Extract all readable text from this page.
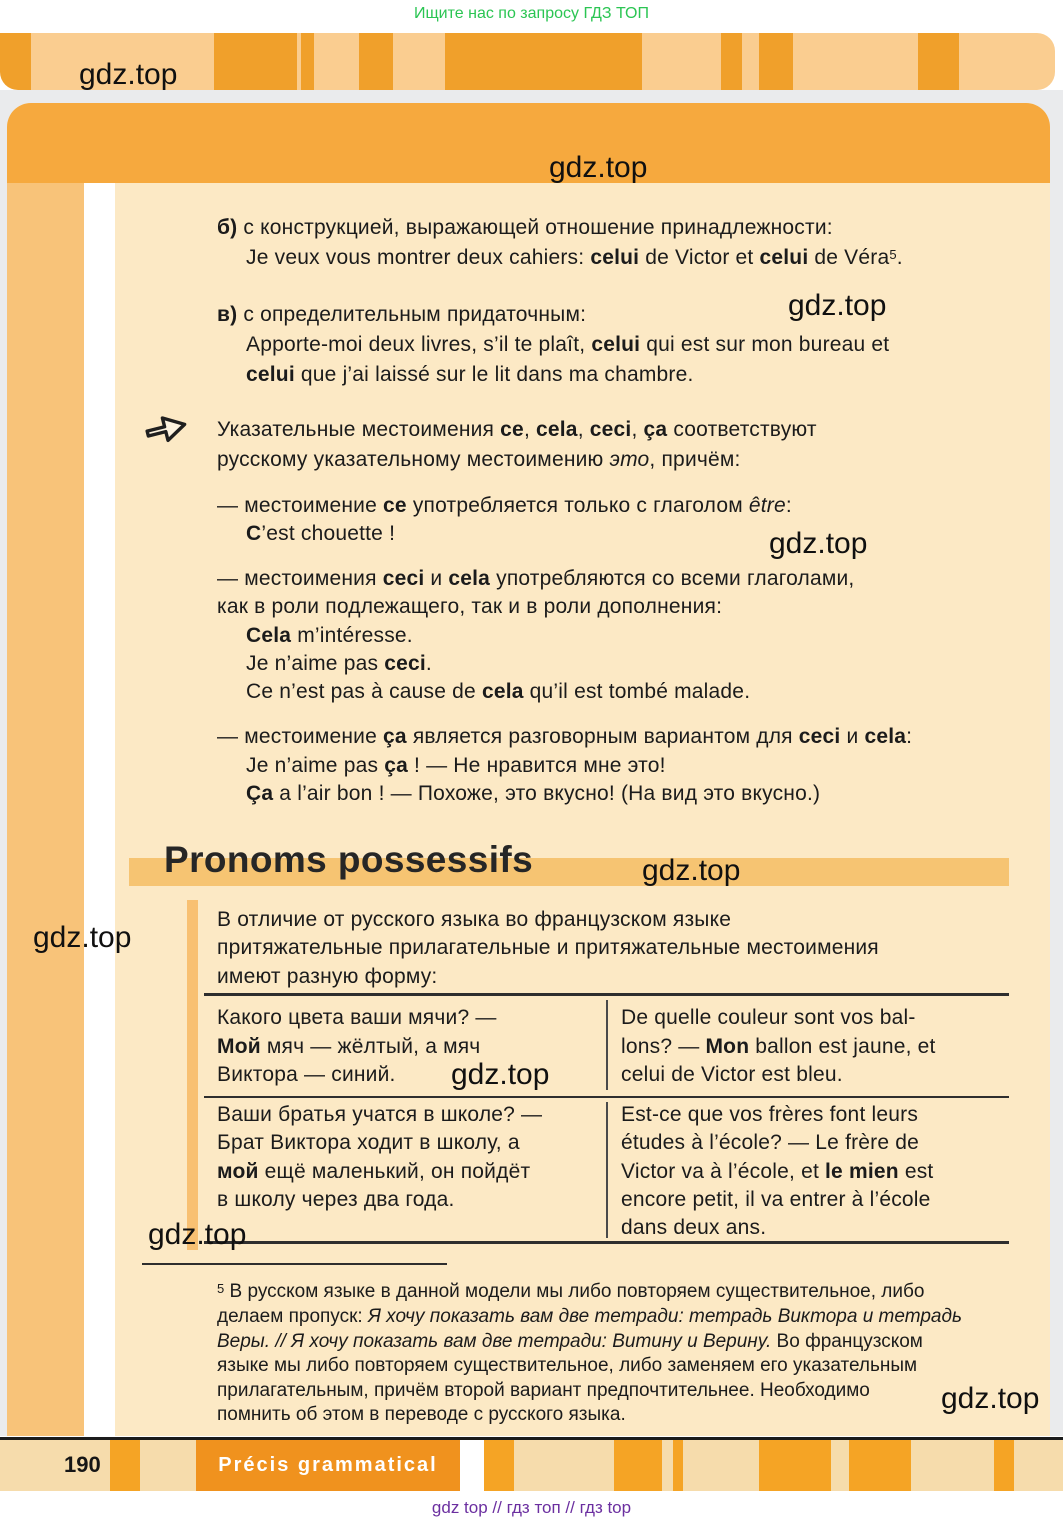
Ищите нас по запросу ГДЗ ТОП
б) с конструкцией, выражающей отношение принадлежности:
Je veux vous montrer deux cahiers: celui de Victor et celui de Véra$^5$.
в) с определительным придаточным:
Apporte-moi deux livres, s’il te plaît, celui qui est sur mon bureau et
celui que j’ai laissé sur le lit dans ma chambre.
Указательные местоимения ce, cela, ceci, ça соответствуют
русскому указательному местоимению это, причём:
— местоимение ce употребляется только с глаголом être:
C’est chouette !
— местоимения ceci и cela употребляются со всеми глаголами,
как в роли подлежащего, так и в роли дополнения:
Cela m’intéresse.
Je n’aime pas ceci.
Ce n’est pas à cause de cela qu’il est tombé malade.
— местоимение ça является разговорным вариантом для ceci и cela:
Je n’aime pas ça ! — Не нравится мне это!
Ça a l’air bon ! — Похоже, это вкусно! (На вид это вкусно.)
Pronoms possessifs
В отличие от русского языка во французском языке
притяжательные прилагательные и притяжательные местоимения
имеют разную форму:
Какого цвета ваши мячи? —
Мой мяч — жёлтый, а мяч
Виктора — синий.
De quelle couleur sont vos bal-
lons? — Mon ballon est jaune, et
celui de Victor est bleu.
Ваши братья учатся в школе? —
Брат Виктора ходит в школу, а
мой ещё маленький, он пойдёт
в школу через два года.
Est-ce que vos frères font leurs
études à l’école? — Le frère de
Victor va à l’école, et le mien est
encore petit, il va entrer à l’école
dans deux ans.
$^5$ В русском языке в данной модели мы либо повторяем существительное, либо
делаем пропуск: Я хочу показать вам две тетради: тетрадь Виктора и тетрадь
Веры. // Я хочу показать вам две тетради: Витину и Верину. Во французском
языке мы либо повторяем существительное, либо заменяем его указательным
прилагательным, причём второй вариант предпочтительнее. Необходимо
помнить об этом в переводе с русского языка.
gdz.top
gdz.top
gdz.top
gdz.top
gdz.top
gdz.top
gdz.top
gdz.top
gdz.top
Précis grammatical
190
gdz top // гдз топ // гдз top
